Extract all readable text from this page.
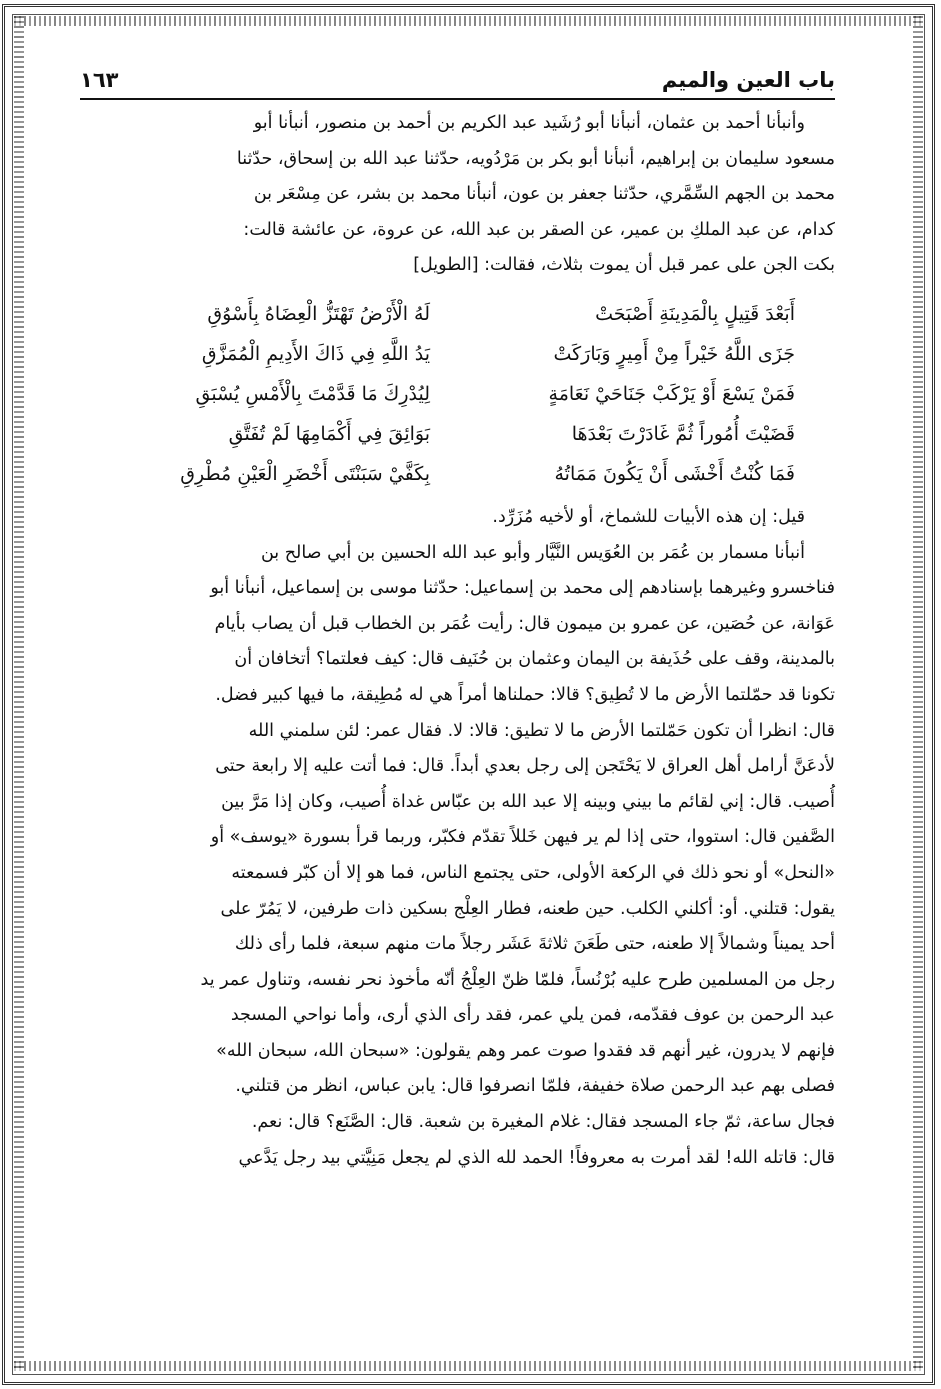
باب العين والميم
١٦٣

وأنبأنا أحمد بن عثمان، أنبأنا أبو رُشَيد عبد الكريم بن أحمد بن منصور، أنبأنا أبو

مسعود سليمان بن إبراهيم، أنبأنا أبو بكر بن مَرْدُويه، حدّثنا عبد الله بن إسحاق، حدّثنا

محمد بن الجهم السِّمَّري، حدّثنا جعفر بن عون، أنبأنا محمد بن بشر، عن مِسْعَر بن

كدام، عن عبد الملكِ بن عمير، عن الصقر بن عبد الله، عن عروة، عن عائشة قالت:

بكت الجن على عمر قبل أن يموت بثلاث، فقالت: [الطويل]

أَبَعْدَ قَتِيلٍ بِالْمَدِينَةِ أَصْبَحَتْ
لَهُ الْأَرْضُ تَهْتَزُّ الْعِضَاهُ بِأَسْوُقِ
جَزَى اللَّهُ خَيْراً مِنْ أَمِيرٍ وَبَارَكَتْ
يَدُ اللَّهِ فِي ذَاكَ الأَدِيمِ الْمُمَزَّقِ
فَمَنْ يَسْعَ أَوْ يَرْكَبْ جَنَاحَيْ نَعَامَةٍ
لِيُدْرِكَ مَا قَدَّمْتَ بِالْأَمْسِ يُسْبَقِ
قَضَيْتَ أُمُوراً ثُمَّ غَادَرْتَ بَعْدَهَا
بَوَائِقَ فِي أَكْمَامِهَا لَمْ تُفَتَّقِ
فَمَا كُنْتُ أَخْشَى أَنْ يَكُونَ مَمَاتُهُ
بِكَفَّيْ سَبَنْتَى أَخْضَرِ الْعَيْنِ مُطْرِقِ

قيل: إن هذه الأبيات للشماخ، أو لأخيه مُزَرِّد.

أنبأنا مسمار بن عُمَر بن العُوَيس النَّيَّار وأبو عبد الله الحسين بن أبي صالح بن

فناخسرو وغيرهما بإسنادهم إلى محمد بن إسماعيل: حدّثنا موسى بن إسماعيل، أنبأنا أبو

عَوَانة، عن حُصَين، عن عمرو بن ميمون قال: رأيت عُمَر بن الخطاب قبل أن يصاب بأيام

بالمدينة، وقف على حُذَيفة بن اليمان وعثمان بن حُنَيف قال: كيف فعلتما؟ أتخافان أن

تكونا قد حمّلتما الأرض ما لا تُطِيق؟ قالا: حملناها أمراً هي له مُطِيقة، ما فيها كبير فضل.

قال: انظرا أن تكون حَمّلتما الأرض ما لا تطيق: قالا: لا. فقال عمر: لئن سلمني الله

لأدعَنَّ أرامل أهل العراق لا يَحْتَجن إلى رجل بعدي أبداً. قال: فما أتت عليه إلا رابعة حتى

أُصيب. قال: إني لقائم ما بيني وبينه إلا عبد الله بن عبّاس غداة أُصيب، وكان إذا مَرَّ بين

الصَّفين قال: استووا، حتى إذا لم ير فيهن خَللاً تقدّم فكبّر، وربما قرأ بسورة «يوسف» أو

«النحل» أو نحو ذلك في الركعة الأولى، حتى يجتمع الناس، فما هو إلا أن كبّر فسمعته

يقول: قتلني. أو: أكلني الكلب. حين طعنه، فطار العِلْج بسكين ذات طرفين، لا يَمُرّ على

أحد يميناً وشمالاً إلا طعنه، حتى طَعَنَ ثلاثةَ عَشَر رجلاً مات منهم سبعة، فلما رأى ذلك

رجل من المسلمين طرح عليه بُرْنُساً، فلمّا ظنّ العِلْجُ أنّه مأخوذ نحر نفسه، وتناول عمر يد

عبد الرحمن بن عوف فقدّمه، فمن يلي عمر، فقد رأى الذي أرى، وأما نواحي المسجد

فإنهم لا يدرون، غير أنهم قد فقدوا صوت عمر وهم يقولون: «سبحان الله، سبحان الله»

فصلى بهم عبد الرحمن صلاة خفيفة، فلمّا انصرفوا قال: يابن عباس، انظر من قتلني.

فجال ساعة، ثمّ جاء المسجد فقال: غلام المغيرة بن شعبة. قال: الصَّنَع؟ قال: نعم.

قال: قاتله الله! لقد أمرت به معروفاً! الحمد لله الذي لم يجعل مَنِيَّتي بيد رجل يَدَّعي
